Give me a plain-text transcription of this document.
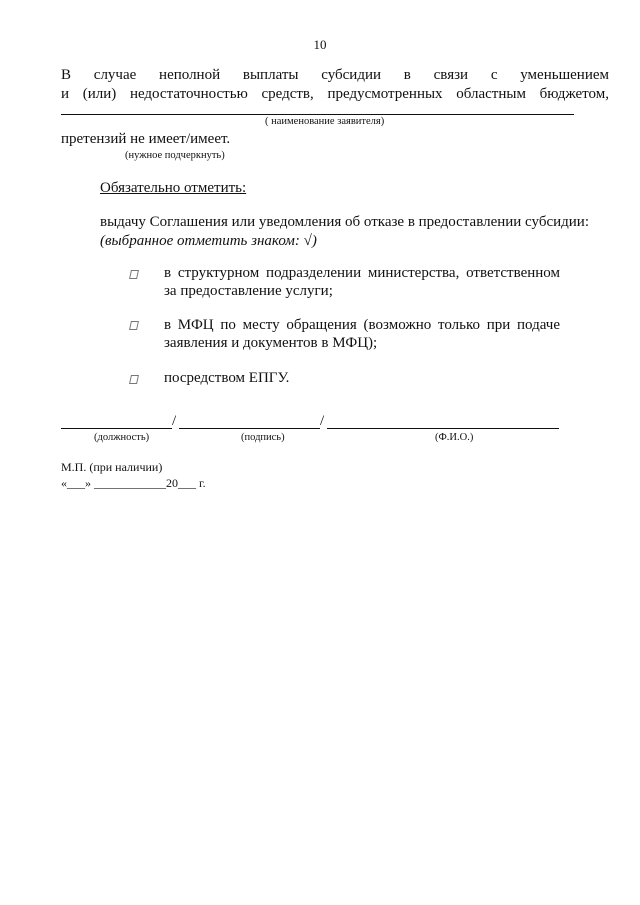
10
В случае неполной выплаты субсидии в связи с уменьшением
и (или) недостаточностью средств, предусмотренных областным бюджетом,
( наименование заявителя)
претензий не имеет/имеет.
(нужное подчеркнуть)
Обязательно отметить:
выдачу Соглашения или уведомления об отказе в предоставлении субсидии:
(выбранное отметить знаком: √)
в структурном подразделении министерства, ответственном
за предоставление услуги;
в МФЦ по месту обращения (возможно только при подаче
заявления и документов в МФЦ);
посредством ЕПГУ.
/	/
(должность)	(подпись)	(Ф.И.О.)
М.П. (при наличии)
«___» ____________20___ г.
